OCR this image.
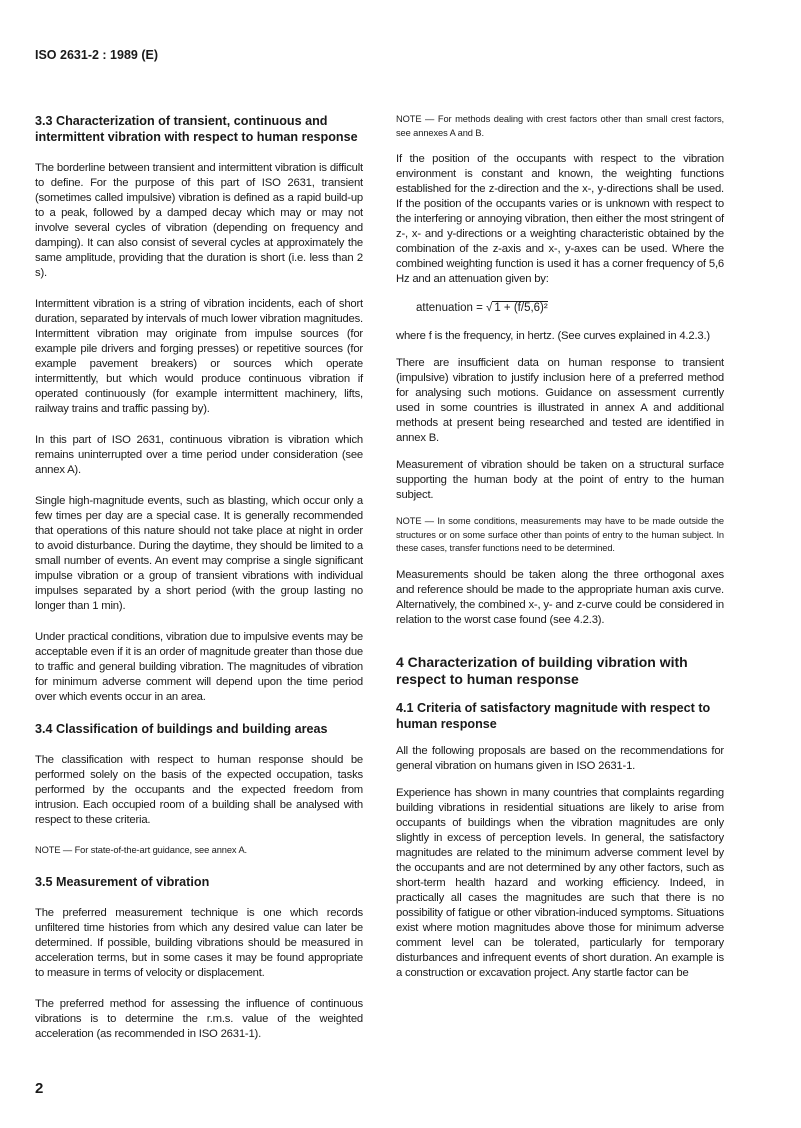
ISO 2631-2 : 1989 (E)
3.3 Characterization of transient, continuous and intermittent vibration with respect to human response
The borderline between transient and intermittent vibration is difficult to define. For the purpose of this part of ISO 2631, transient (sometimes called impulsive) vibration is defined as a rapid build-up to a peak, followed by a damped decay which may or may not involve several cycles of vibration (depending on frequency and damping). It can also consist of several cycles at approximately the same amplitude, providing that the duration is short (i.e. less than 2 s).
Intermittent vibration is a string of vibration incidents, each of short duration, separated by intervals of much lower vibration magnitudes. Intermittent vibration may originate from impulse sources (for example pile drivers and forging presses) or repetitive sources (for example pavement breakers) or sources which operate intermittently, but which would produce continuous vibration if operated continuously (for example intermittent machinery, lifts, railway trains and traffic passing by).
In this part of ISO 2631, continuous vibration is vibration which remains uninterrupted over a time period under consideration (see annex A).
Single high-magnitude events, such as blasting, which occur only a few times per day are a special case. It is generally recommended that operations of this nature should not take place at night in order to avoid disturbance. During the daytime, they should be limited to a small number of events. An event may comprise a single significant impulse vibration or a group of transient vibrations with individual impulses separated by a short period (with the group lasting no longer than 1 min).
Under practical conditions, vibration due to impulsive events may be acceptable even if it is an order of magnitude greater than those due to traffic and general building vibration. The magnitudes of vibration for minimum adverse comment will depend upon the time period over which events occur in an area.
3.4 Classification of buildings and building areas
The classification with respect to human response should be performed solely on the basis of the expected occupation, tasks performed by the occupants and the expected freedom from intrusion. Each occupied room of a building shall be analysed with respect to these criteria.
NOTE — For state-of-the-art guidance, see annex A.
3.5 Measurement of vibration
The preferred measurement technique is one which records unfiltered time histories from which any desired value can later be determined. If possible, building vibrations should be measured in acceleration terms, but in some cases it may be found appropriate to measure in terms of velocity or displacement.
The preferred method for assessing the influence of continuous vibrations is to determine the r.m.s. value of the weighted acceleration (as recommended in ISO 2631-1).
NOTE — For methods dealing with crest factors other than small crest factors, see annexes A and B.
If the position of the occupants with respect to the vibration environment is constant and known, the weighting functions established for the z-direction and the x-, y-directions shall be used. If the position of the occupants varies or is unknown with respect to the interfering or annoying vibration, then either the most stringent of z-, x- and y-directions or a weighting characteristic obtained by the combination of the z-axis and x-, y-axes can be used. Where the combined weighting function is used it has a corner frequency of 5,6 Hz and an attenuation given by:
attenuation = √ 1 + (f/5,6)²
where f is the frequency, in hertz. (See curves explained in 4.2.3.)
There are insufficient data on human response to transient (impulsive) vibration to justify inclusion here of a preferred method for analysing such motions. Guidance on assessment currently used in some countries is illustrated in annex A and additional methods at present being researched and tested are identified in annex B.
Measurement of vibration should be taken on a structural surface supporting the human body at the point of entry to the human subject.
NOTE — In some conditions, measurements may have to be made outside the structures or on some surface other than points of entry to the human subject. In these cases, transfer functions need to be determined.
Measurements should be taken along the three orthogonal axes and reference should be made to the appropriate human axis curve. Alternatively, the combined x-, y- and z-curve could be considered in relation to the worst case found (see 4.2.3).
4 Characterization of building vibration with respect to human response
4.1 Criteria of satisfactory magnitude with respect to human response
All the following proposals are based on the recommendations for general vibration on humans given in ISO 2631-1.
Experience has shown in many countries that complaints regarding building vibrations in residential situations are likely to arise from occupants of buildings when the vibration magnitudes are only slightly in excess of perception levels. In general, the satisfactory magnitudes are related to the minimum adverse comment level by the occupants and are not determined by any other factors, such as short-term health hazard and working efficiency. Indeed, in practically all cases the magnitudes are such that there is no possibility of fatigue or other vibration-induced symptoms. Situations exist where motion magnitudes above those for minimum adverse comment level can be tolerated, particularly for temporary disturbances and infrequent events of short duration. An example is a construction or excavation project. Any startle factor can be
2
